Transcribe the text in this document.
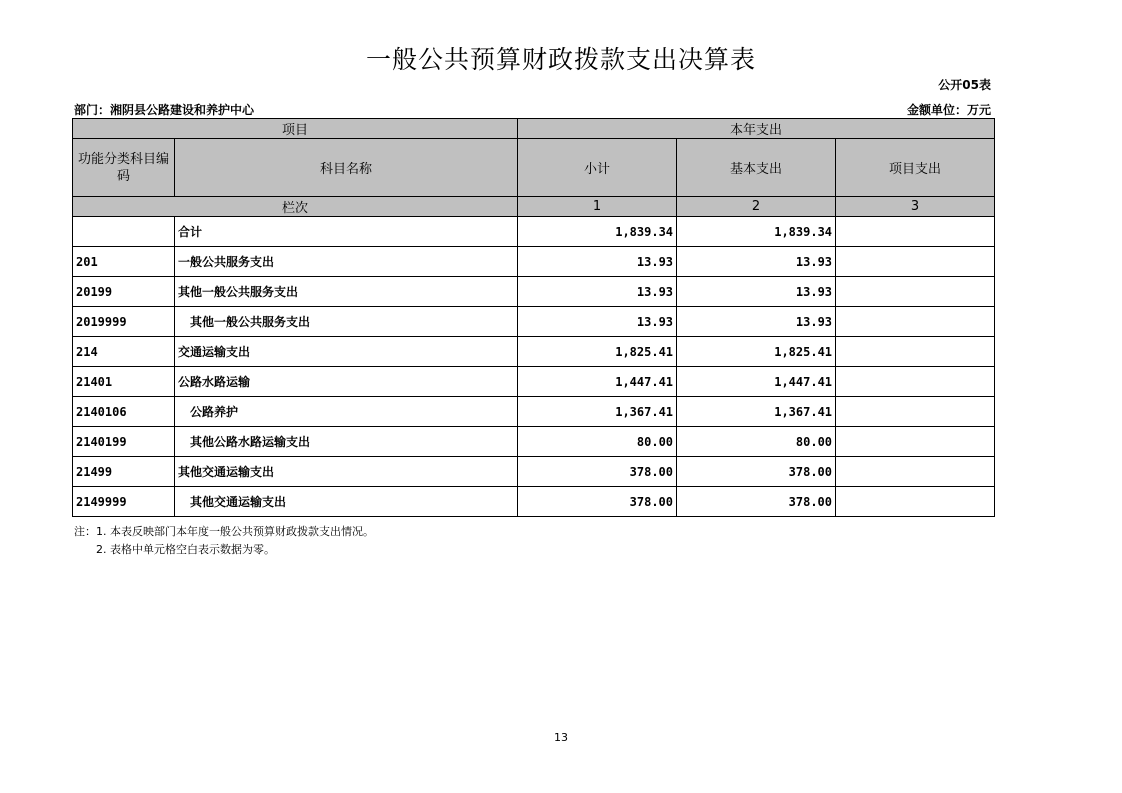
一般公共预算财政拨款支出决算表
公开05表
部门：湘阴县公路建设和养护中心	金额单位：万元
项目		本年支出		
功能分类科目编码	科目名称	小计	基本支出	项目支出
栏次		1	2	3
	合计	1,839.34	1,839.34	
201	一般公共服务支出	13.93	13.93	
20199	其他一般公共服务支出	13.93	13.93	
2019999	其他一般公共服务支出	13.93	13.93	
214	交通运输支出	1,825.41	1,825.41	
21401	公路水路运输	1,447.41	1,447.41	
2140106	公路养护	1,367.41	1,367.41	
2140199	其他公路水路运输支出	80.00	80.00	
21499	其他交通运输支出	378.00	378.00	
2149999	其他交通运输支出	378.00	378.00	
注：1. 本表反映部门本年度一般公共预算财政拨款支出情况。
2. 表格中单元格空白表示数据为零。
13
